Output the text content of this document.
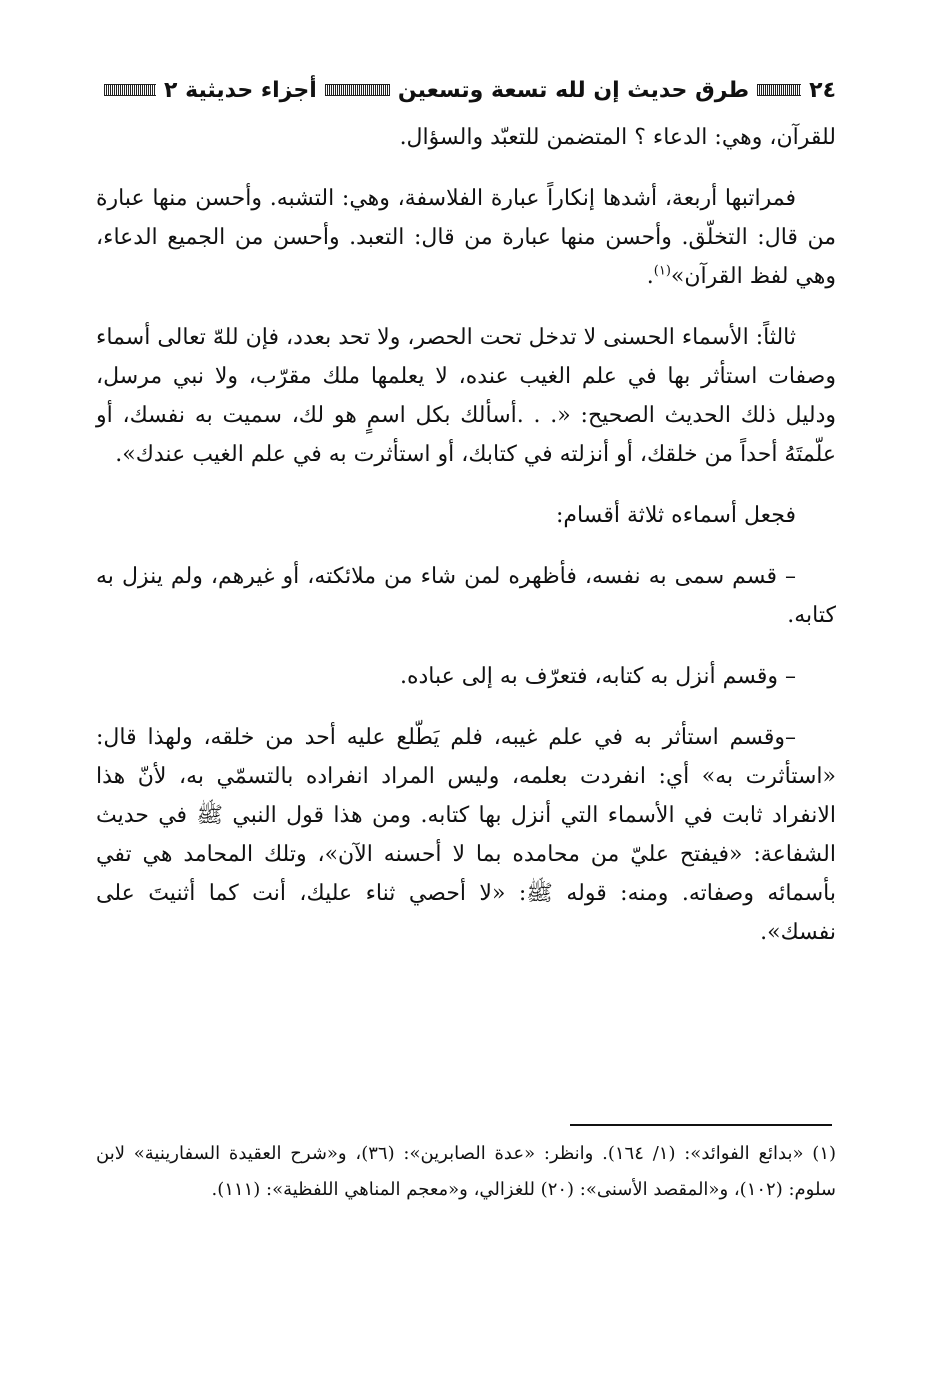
٢٤
طرق حديث إن لله تسعة وتسعين
أجزاء حديثية ٢

للقرآن، وهي: الدعاء ؟ المتضمن للتعبّد والسؤال.

فمراتبها أربعة، أشدها إنكاراً عبارة الفلاسفة، وهي: التشبه. وأحسن منها عبارة من قال: التخلّق. وأحسن منها عبارة من قال: التعبد. وأحسن من الجميع الدعاء، وهي لفظ القرآن»$^{(١)}$.

ثالثاً: الأسماء الحسنى لا تدخل تحت الحصر، ولا تحد بعدد، فإن للهّ تعالى أسماء وصفات استأثر بها في علم الغيب عنده، لا يعلمها ملك مقرّب، ولا نبي مرسل، ودليل ذلك الحديث الصحيح: «. . .أسألك بكل اسمٍ هو لك، سميت به نفسك، أو علّمتَهُ أحداً من خلقك، أو أنزلته في كتابك، أو استأثرت به في علم الغيب عندك».

فجعل أسماءه ثلاثة أقسام:

– قسم سمى به نفسه، فأظهره لمن شاء من ملائكته، أو غيرهم، ولم ينزل به كتابه.

– وقسم أنزل به كتابه، فتعرّف به إلى عباده.

–وقسم استأثر به في علم غيبه، فلم يَطّلع عليه أحد من خلقه، ولهذا قال: «استأثرت به» أي: انفردت بعلمه، وليس المراد انفراده بالتسمّي به، لأنّ هذا الانفراد ثابت في الأسماء التي أنزل بها كتابه. ومن هذا قول النبي ﷺ في حديث الشفاعة: «فيفتح عليّ من محامده بما لا أحسنه الآن»، وتلك المحامد هي تفي بأسمائه وصفاته. ومنه: قوله ﷺ: «لا أحصي ثناء عليك، أنت كما أثنيتَ على نفسك».

(١) «بدائع الفوائد»: (١/ ١٦٤). وانظر: «عدة الصابرين»: (٣٦)، و«شرح العقيدة السفارينية» لابن سلوم: (١٠٢)، و«المقصد الأسنى»: (٢٠) للغزالي، و«معجم المناهي اللفظية»: (١١١).
